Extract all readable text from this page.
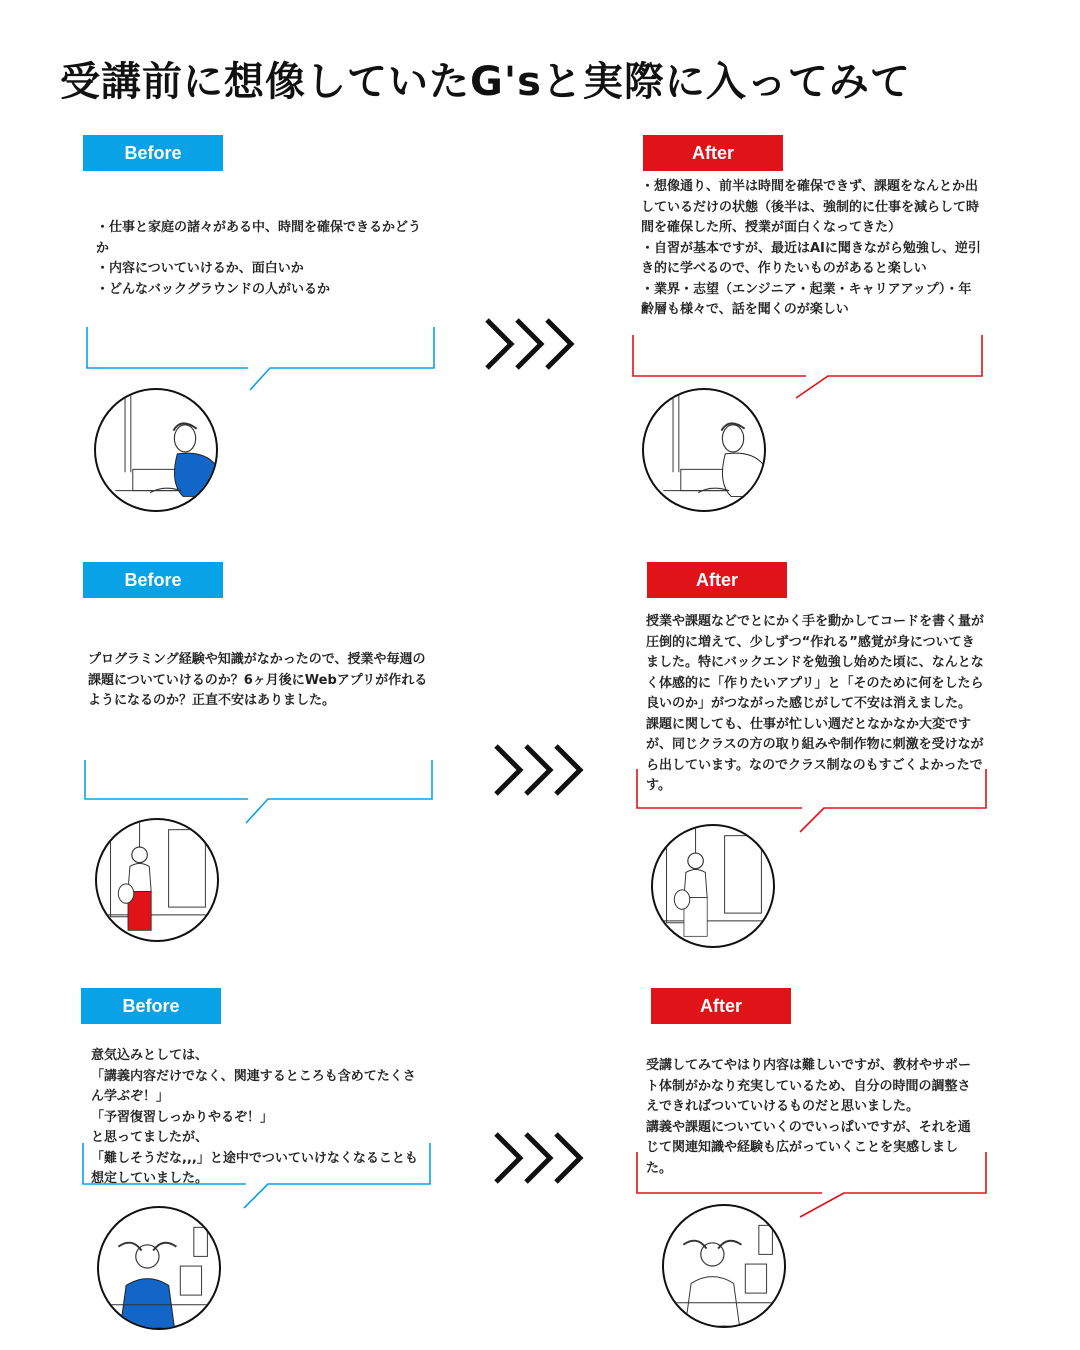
受講前に想像していたG'sと実際に入ってみて
Before
・仕事と家庭の諸々がある中、時間を確保できるかどうか
・内容についていけるか、面白いか
・どんなバックグラウンドの人がいるか
After
・想像通り、前半は時間を確保できず、課題をなんとか出しているだけの状態（後半は、強制的に仕事を減らして時間を確保した所、授業が面白くなってきた）
・自習が基本ですが、最近はAIに聞きながら勉強し、逆引き的に学べるので、作りたいものがあると楽しい
・業界・志望（エンジニア・起業・キャリアアップ）・年齢層も様々で、話を聞くのが楽しい
Before
プログラミング経験や知識がなかったので、授業や毎週の課題についていけるのか？6ヶ月後にWebアプリが作れるようになるのか？正直不安はありました。
After
授業や課題などでとにかく手を動かしてコードを書く量が圧倒的に増えて、少しずつ“作れる”感覚が身についてきました。特にバックエンドを勉強し始めた頃に、なんとなく体感的に「作りたいアプリ」と「そのために何をしたら良いのか」がつながった感じがして不安は消えました。
課題に関しても、仕事が忙しい週だとなかなか大変ですが、同じクラスの方の取り組みや制作物に刺激を受けながら出しています。なのでクラス制なのもすごくよかったです。
Before
意気込みとしては、
「講義内容だけでなく、関連するところも含めてたくさん学ぶぞ！」
「予習復習しっかりやるぞ！」
と思ってましたが、
「難しそうだな,,,」と途中でついていけなくなることも想定していました。
After
受講してみてやはり内容は難しいですが、教材やサポート体制がかなり充実しているため、自分の時間の調整さえできればついていけるものだと思いました。
講義や課題についていくのでいっぱいですが、それを通じて関連知識や経験も広がっていくことを実感しました。
